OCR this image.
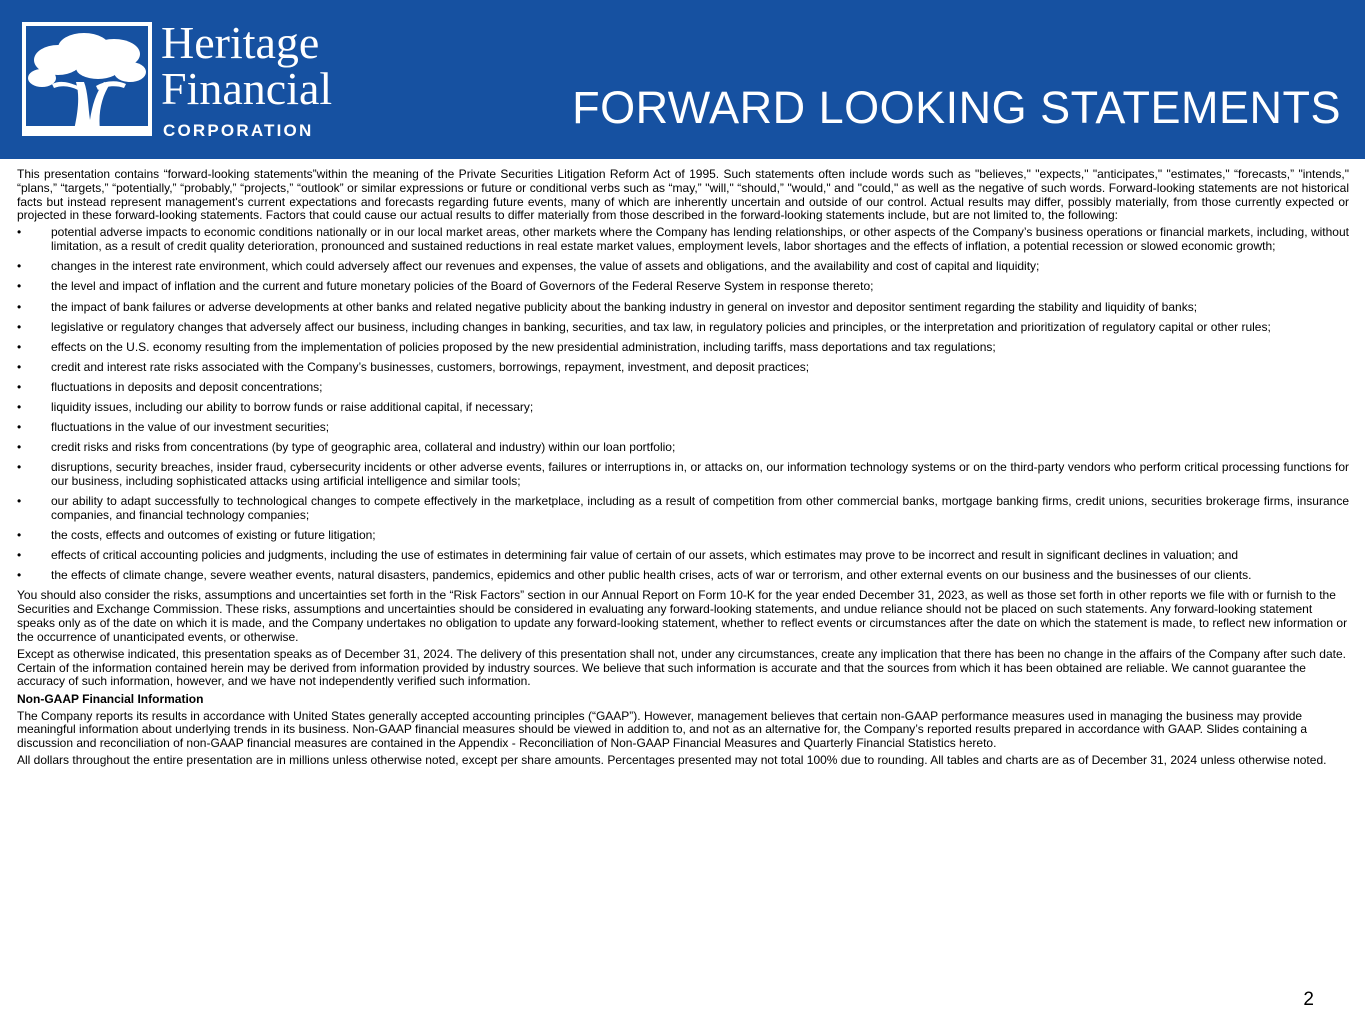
Heritage
Financial
CORPORATION	FORWARD LOOKING STATEMENTS

This presentation contains “forward-looking statements”within the meaning of the Private Securities Litigation Reform Act of 1995. Such statements often include words such as "believes," "expects," "anticipates," "estimates," “forecasts,” "intends," “plans,” “targets,” “potentially,” “probably,” “projects,” “outlook” or similar expressions or future or conditional verbs such as “may,” "will," “should,” "would," and "could," as well as the negative of such words. Forward-looking statements are not historical facts but instead represent management's current expectations and forecasts regarding future events, many of which are inherently uncertain and outside of our control. Actual results may differ, possibly materially, from those currently expected or projected in these forward-looking statements. Factors that could cause our actual results to differ materially from those described in the forward-looking statements include, but are not limited to, the following:

• potential adverse impacts to economic conditions nationally or in our local market areas, other markets where the Company has lending relationships, or other aspects of the Company’s business operations or financial markets, including, without limitation, as a result of credit quality deterioration, pronounced and sustained reductions in real estate market values, employment levels, labor shortages and the effects of inflation, a potential recession or slowed economic growth;
• changes in the interest rate environment, which could adversely affect our revenues and expenses, the value of assets and obligations, and the availability and cost of capital and liquidity;
• the level and impact of inflation and the current and future monetary policies of the Board of Governors of the Federal Reserve System in response thereto;
• the impact of bank failures or adverse developments at other banks and related negative publicity about the banking industry in general on investor and depositor sentiment regarding the stability and liquidity of banks;
• legislative or regulatory changes that adversely affect our business, including changes in banking, securities, and tax law, in regulatory policies and principles, or the interpretation and prioritization of regulatory capital or other rules;
• effects on the U.S. economy resulting from the implementation of policies proposed by the new presidential administration, including tariffs, mass deportations and tax regulations;
• credit and interest rate risks associated with the Company’s businesses, customers, borrowings, repayment, investment, and deposit practices;
• fluctuations in deposits and deposit concentrations;
• liquidity issues, including our ability to borrow funds or raise additional capital, if necessary;
• fluctuations in the value of our investment securities;
• credit risks and risks from concentrations (by type of geographic area, collateral and industry) within our loan portfolio;
• disruptions, security breaches, insider fraud, cybersecurity incidents or other adverse events, failures or interruptions in, or attacks on, our information technology systems or on the third-party vendors who perform critical processing functions for our business, including sophisticated attacks using artificial intelligence and similar tools;
• our ability to adapt successfully to technological changes to compete effectively in the marketplace, including as a result of competition from other commercial banks, mortgage banking firms, credit unions, securities brokerage firms, insurance companies, and financial technology companies;
• the costs, effects and outcomes of existing or future litigation;
• effects of critical accounting policies and judgments, including the use of estimates in determining fair value of certain of our assets, which estimates may prove to be incorrect and result in significant declines in valuation; and
• the effects of climate change, severe weather events, natural disasters, pandemics, epidemics and other public health crises, acts of war or terrorism, and other external events on our business and the businesses of our clients.

You should also consider the risks, assumptions and uncertainties set forth in the “Risk Factors” section in our Annual Report on Form 10-K for the year ended December 31, 2023, as well as those set forth in other reports we file with or furnish to the Securities and Exchange Commission. These risks, assumptions and uncertainties should be considered in evaluating any forward-looking statements, and undue reliance should not be placed on such statements. Any forward-looking statement speaks only as of the date on which it is made, and the Company undertakes no obligation to update any forward-looking statement, whether to reflect events or circumstances after the date on which the statement is made, to reflect new information or the occurrence of unanticipated events, or otherwise.

Except as otherwise indicated, this presentation speaks as of December 31, 2024. The delivery of this presentation shall not, under any circumstances, create any implication that there has been no change in the affairs of the Company after such date. Certain of the information contained herein may be derived from information provided by industry sources. We believe that such information is accurate and that the sources from which it has been obtained are reliable. We cannot guarantee the accuracy of such information, however, and we have not independently verified such information.

Non-GAAP Financial Information

The Company reports its results in accordance with United States generally accepted accounting principles (“GAAP”). However, management believes that certain non-GAAP performance measures used in managing the business may provide meaningful information about underlying trends in its business. Non-GAAP financial measures should be viewed in addition to, and not as an alternative for, the Company’s reported results prepared in accordance with GAAP. Slides containing a discussion and reconciliation of non-GAAP financial measures are contained in the Appendix - Reconciliation of Non-GAAP Financial Measures and Quarterly Financial Statistics hereto.

All dollars throughout the entire presentation are in millions unless otherwise noted, except per share amounts. Percentages presented may not total 100% due to rounding. All tables and charts are as of December 31, 2024 unless otherwise noted.

2
